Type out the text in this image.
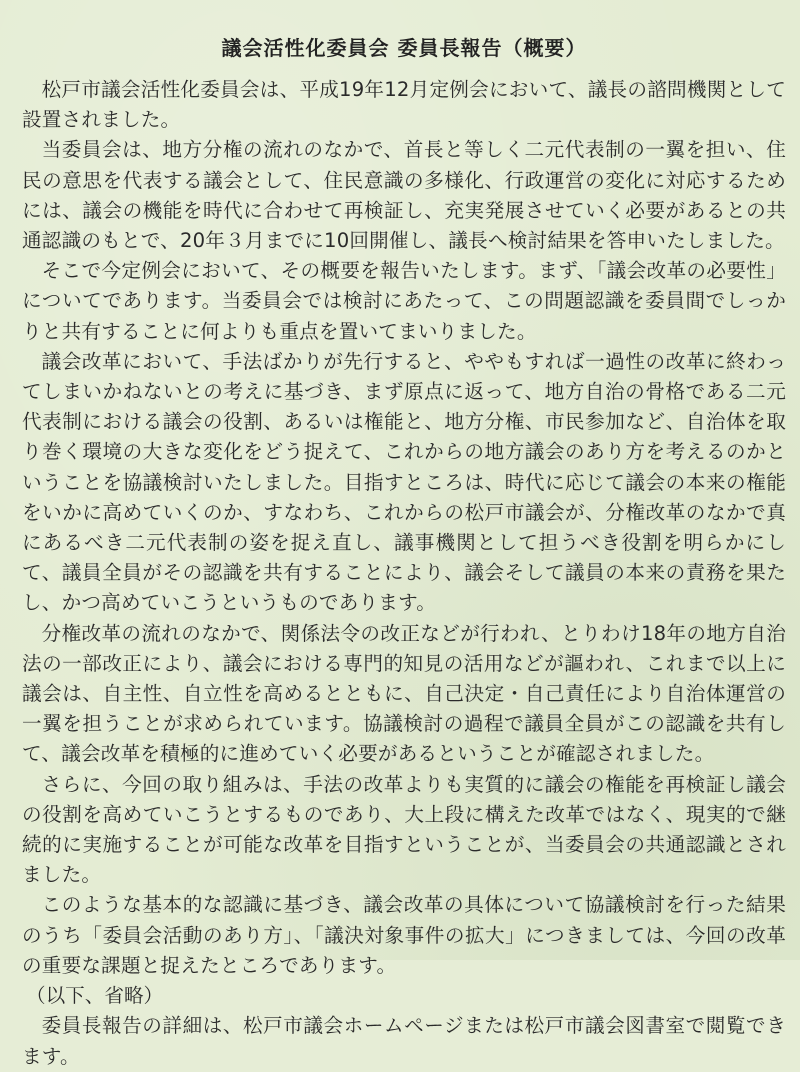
議会活性化委員会 委員長報告（概要）

松戸市議会活性化委員会は、平成19年12月定例会において、議長の諮問機関として設置されました。

当委員会は、地方分権の流れのなかで、首長と等しく二元代表制の一翼を担い、住民の意思を代表する議会として、住民意識の多様化、行政運営の変化に対応するためには、議会の機能を時代に合わせて再検証し、充実発展させていく必要があるとの共通認識のもとで、20年３月までに10回開催し、議長へ検討結果を答申いたしました。

そこで今定例会において、その概要を報告いたします。まず、「議会改革の必要性」についてであります。当委員会では検討にあたって、この問題認識を委員間でしっかりと共有することに何よりも重点を置いてまいりました。

議会改革において、手法ばかりが先行すると、ややもすれば一過性の改革に終わってしまいかねないとの考えに基づき、まず原点に返って、地方自治の骨格である二元代表制における議会の役割、あるいは権能と、地方分権、市民参加など、自治体を取り巻く環境の大きな変化をどう捉えて、これからの地方議会のあり方を考えるのかということを協議検討いたしました。目指すところは、時代に応じて議会の本来の権能をいかに高めていくのか、すなわち、これからの松戸市議会が、分権改革のなかで真にあるべき二元代表制の姿を捉え直し、議事機関として担うべき役割を明らかにして、議員全員がその認識を共有することにより、議会そして議員の本来の責務を果たし、かつ高めていこうというものであります。

分権改革の流れのなかで、関係法令の改正などが行われ、とりわけ18年の地方自治法の一部改正により、議会における専門的知見の活用などが謳われ、これまで以上に議会は、自主性、自立性を高めるとともに、自己決定・自己責任により自治体運営の一翼を担うことが求められています。協議検討の過程で議員全員がこの認識を共有して、議会改革を積極的に進めていく必要があるということが確認されました。

さらに、今回の取り組みは、手法の改革よりも実質的に議会の権能を再検証し議会の役割を高めていこうとするものであり、大上段に構えた改革ではなく、現実的で継続的に実施することが可能な改革を目指すということが、当委員会の共通認識とされました。

このような基本的な認識に基づき、議会改革の具体について協議検討を行った結果のうち「委員会活動のあり方」、「議決対象事件の拡大」につきましては、今回の改革の重要な課題と捉えたところであります。

（以下、省略）

委員長報告の詳細は、松戸市議会ホームページまたは松戸市議会図書室で閲覧できます。
